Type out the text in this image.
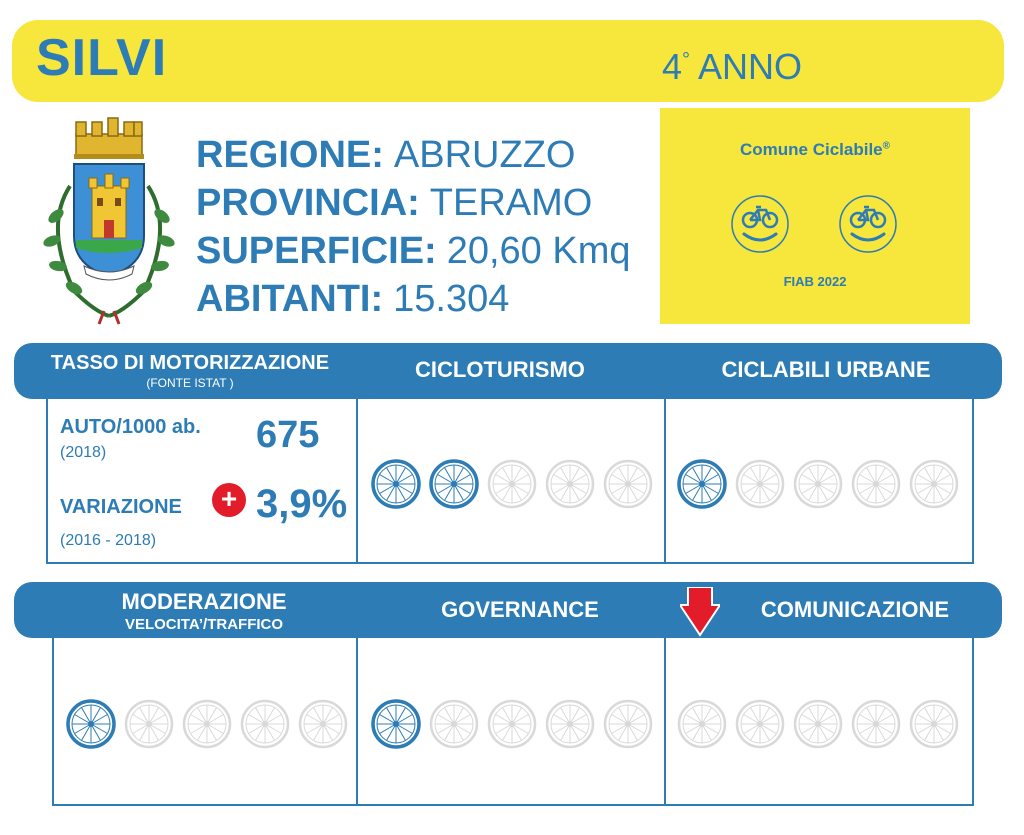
SILVI	4° ANNO
REGIONE: ABRUZZO
PROVINCIA: TERAMO
SUPERFICIE: 20,60 Kmq
ABITANTI: 15.304
Comune Ciclabile®
FIAB 2022
TASSO DI MOTORIZZAZIONE
(FONTE ISTAT )
CICLOTURISMO	CICLABILI URBANE
AUTO/1000 ab.
(2018)	675
VARIAZIONE	+ 3,9%
(2016 - 2018)
MODERAZIONE
VELOCITA’/TRAFFICO
GOVERNANCE	COMUNICAZIONE
